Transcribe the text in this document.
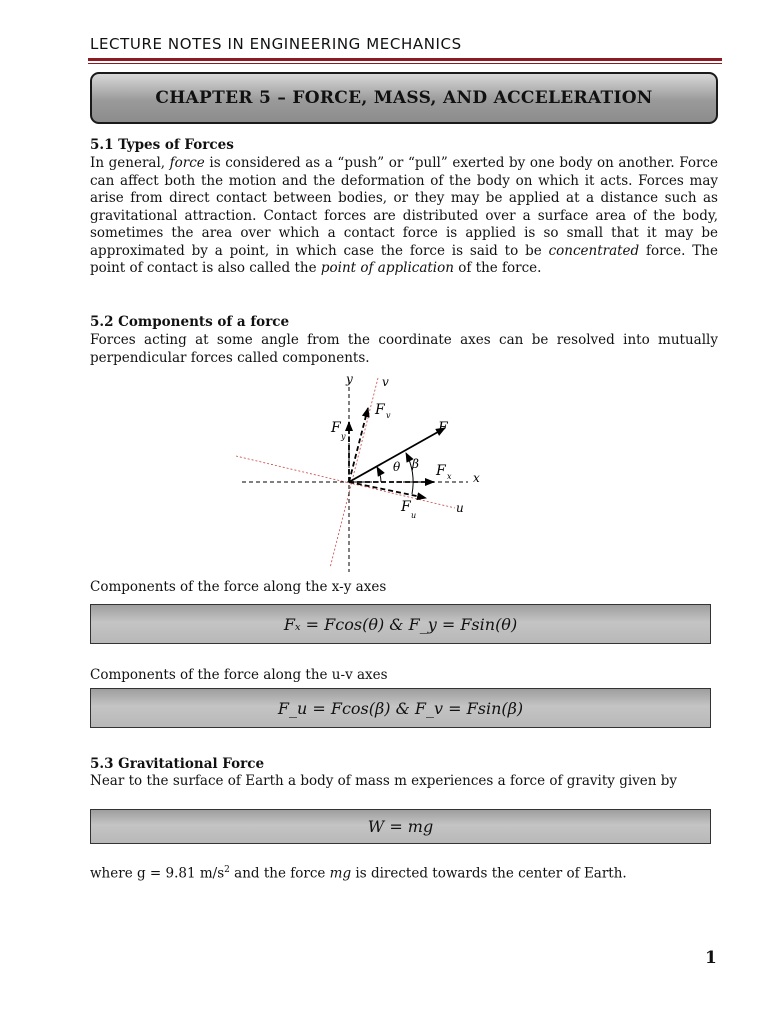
LECTURE NOTES IN ENGINEERING MECHANICS
CHAPTER 5 – FORCE, MASS, AND ACCELERATION
5.1 Types of Forces
In general, force is considered as a “push” or “pull” exerted by one body on another. Force can affect both the motion and the deformation of the body on which it acts. Forces may arise from direct contact between bodies, or they may be applied at a distance such as gravitational attraction. Contact forces are distributed over a surface area of the body, sometimes the area over which a contact force is applied is so small that it may be approximated by a point, in which case the force is said to be concentrated force. The point of contact is also called the point of application of the force.
5.2 Components of a force
Forces acting at some angle from the coordinate axes can be resolved into mutually perpendicular forces called components.
y v
x
u
F
F v
F
y
F x
F
u
θ β
Components of the force along the x-y axes
Fₓ = Fcos(θ) & F_y = Fsin(θ)
Components of the force along the u-v axes
F_u = Fcos(β) & F_v = Fsin(β)
5.3 Gravitational Force
Near to the surface of Earth a body of mass m experiences a force of gravity given by
W = mg
where g = 9.81 $m/s^2$ and the force mg is directed towards the center of Earth.
1
